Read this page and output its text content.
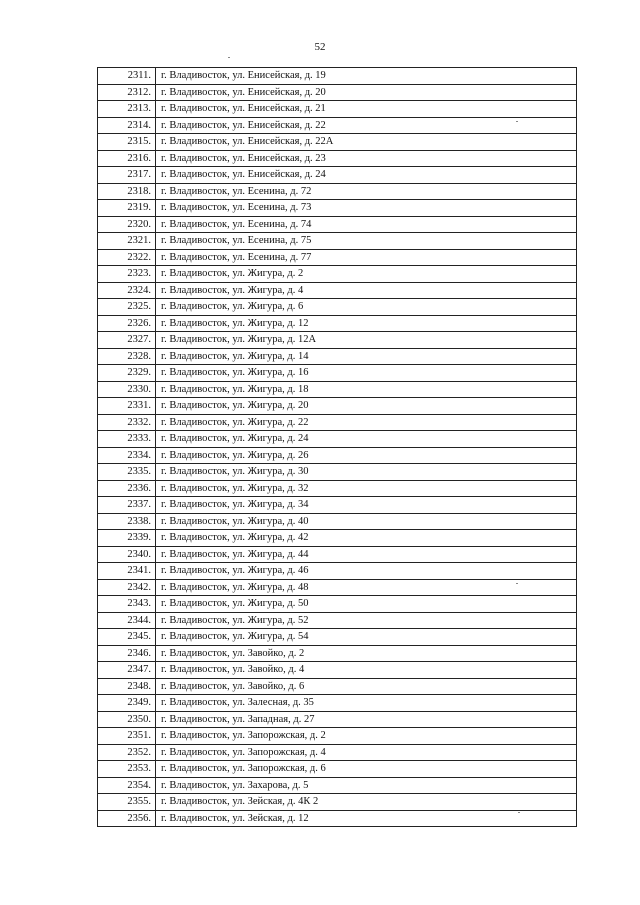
52
2311.	г. Владивосток, ул. Енисейская, д. 19
2312.	г. Владивосток, ул. Енисейская, д. 20
2313.	г. Владивосток, ул. Енисейская, д. 21
2314.	г. Владивосток, ул. Енисейская, д. 22
2315.	г. Владивосток, ул. Енисейская, д. 22А
2316.	г. Владивосток, ул. Енисейская, д. 23
2317.	г. Владивосток, ул. Енисейская, д. 24
2318.	г. Владивосток, ул. Есенина, д. 72
2319.	г. Владивосток, ул. Есенина, д. 73
2320.	г. Владивосток, ул. Есенина, д. 74
2321.	г. Владивосток, ул. Есенина, д. 75
2322.	г. Владивосток, ул. Есенина, д. 77
2323.	г. Владивосток, ул. Жигура, д. 2
2324.	г. Владивосток, ул. Жигура, д. 4
2325.	г. Владивосток, ул. Жигура, д. 6
2326.	г. Владивосток, ул. Жигура, д. 12
2327.	г. Владивосток, ул. Жигура, д. 12А
2328.	г. Владивосток, ул. Жигура, д. 14
2329.	г. Владивосток, ул. Жигура, д. 16
2330.	г. Владивосток, ул. Жигура, д. 18
2331.	г. Владивосток, ул. Жигура, д. 20
2332.	г. Владивосток, ул. Жигура, д. 22
2333.	г. Владивосток, ул. Жигура, д. 24
2334.	г. Владивосток, ул. Жигура, д. 26
2335.	г. Владивосток, ул. Жигура, д. 30
2336.	г. Владивосток, ул. Жигура, д. 32
2337.	г. Владивосток, ул. Жигура, д. 34
2338.	г. Владивосток, ул. Жигура, д. 40
2339.	г. Владивосток, ул. Жигура, д. 42
2340.	г. Владивосток, ул. Жигура, д. 44
2341.	г. Владивосток, ул. Жигура, д. 46
2342.	г. Владивосток, ул. Жигура, д. 48
2343.	г. Владивосток, ул. Жигура, д. 50
2344.	г. Владивосток, ул. Жигура, д. 52
2345.	г. Владивосток, ул. Жигура, д. 54
2346.	г. Владивосток, ул. Завойко, д. 2
2347.	г. Владивосток, ул. Завойко, д. 4
2348.	г. Владивосток, ул. Завойко, д. 6
2349.	г. Владивосток, ул. Залесная, д. 35
2350.	г. Владивосток, ул. Западная, д. 27
2351.	г. Владивосток, ул. Запорожская, д. 2
2352.	г. Владивосток, ул. Запорожская, д. 4
2353.	г. Владивосток, ул. Запорожская, д. 6
2354.	г. Владивосток, ул. Захарова, д. 5
2355.	г. Владивосток, ул. Зейская, д. 4К 2
2356.	г. Владивосток, ул. Зейская, д. 12
